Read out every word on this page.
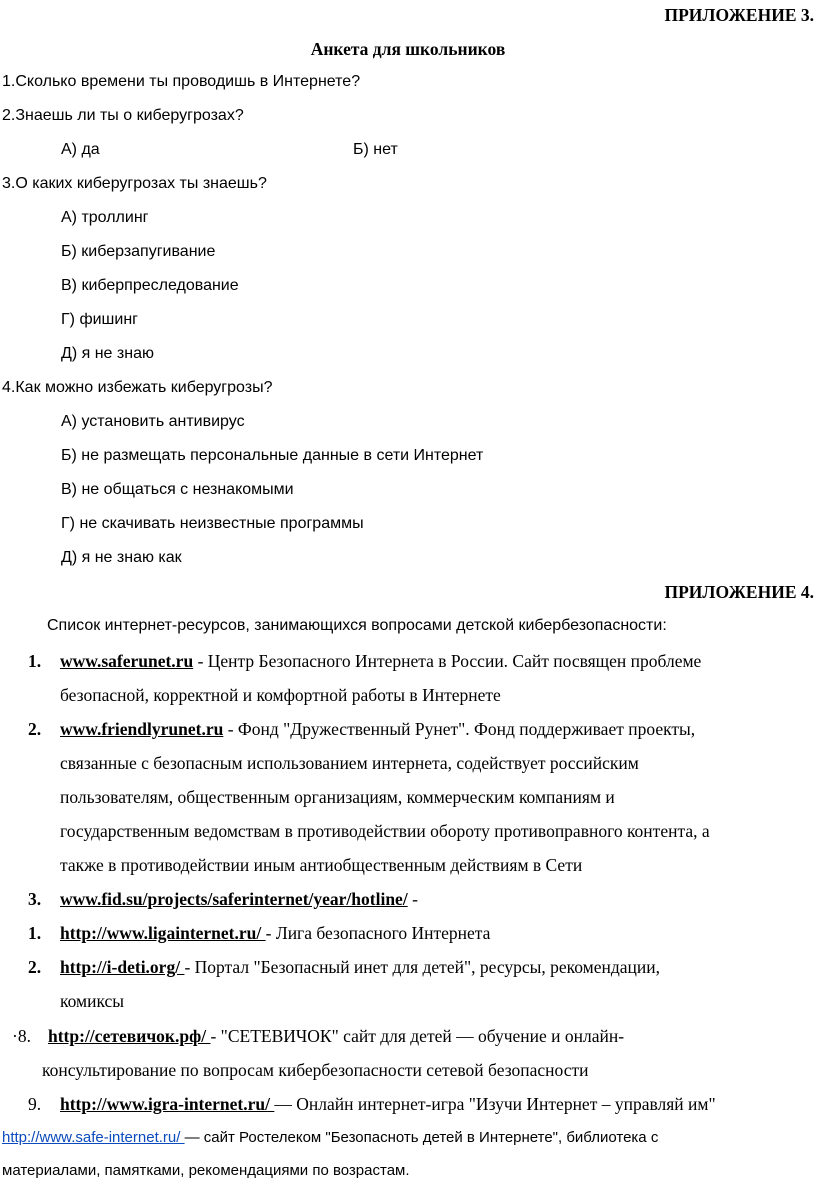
ПРИЛОЖЕНИЕ 3.
Анкета для школьников
1.Сколько времени ты проводишь в Интернете?
2.Знаешь ли ты о киберугрозах?
А) да	Б) нет
3.О каких киберугрозах ты знаешь?
А) троллинг
Б) киберзапугивание
В) киберпреследование
Г) фишинг
Д) я не знаю
4.Как можно избежать киберугрозы?
А) установить антивирус
Б) не размещать персональные данные в сети Интернет
В) не общаться с незнакомыми
Г) не скачивать неизвестные программы
Д) я не знаю как
ПРИЛОЖЕНИЕ 4.
Список интернет-ресурсов, занимающихся вопросами детской кибербезопасности:
1. www.saferunet.ru - Центр Безопасного Интернета в России. Сайт посвящен проблеме
безопасной, корректной и комфортной работы в Интернете
2. www.friendlyrunet.ru - Фонд "Дружественный Рунет". Фонд поддерживает проекты,
связанные с безопасным использованием интернета, содействует российским
пользователям, общественным организациям, коммерческим компаниям и
государственным ведомствам в противодействии обороту противоправного контента, а
также в противодействии иным антиобщественным действиям в Сети
3. www.fid.su/projects/saferinternet/year/hotline/ -
1. http://www.ligainternet.ru/ - Лига безопасного Интернета
2. http://i-deti.org/ - Портал "Безопасный инет для детей", ресурсы, рекомендации,
комиксы
·8. http://сетевичок.рф/ - "СЕТЕВИЧОК" сайт для детей — обучение и онлайн-
консультирование по вопросам кибербезопасности сетевой безопасности
9. http://www.igra-internet.ru/ — Онлайн интернет-игра "Изучи Интернет – управляй им"
http://www.safe-internet.ru/ — сайт Ростелеком "Безопасноть детей в Интернете", библиотека с
материалами, памятками, рекомендациями по возрастам.
